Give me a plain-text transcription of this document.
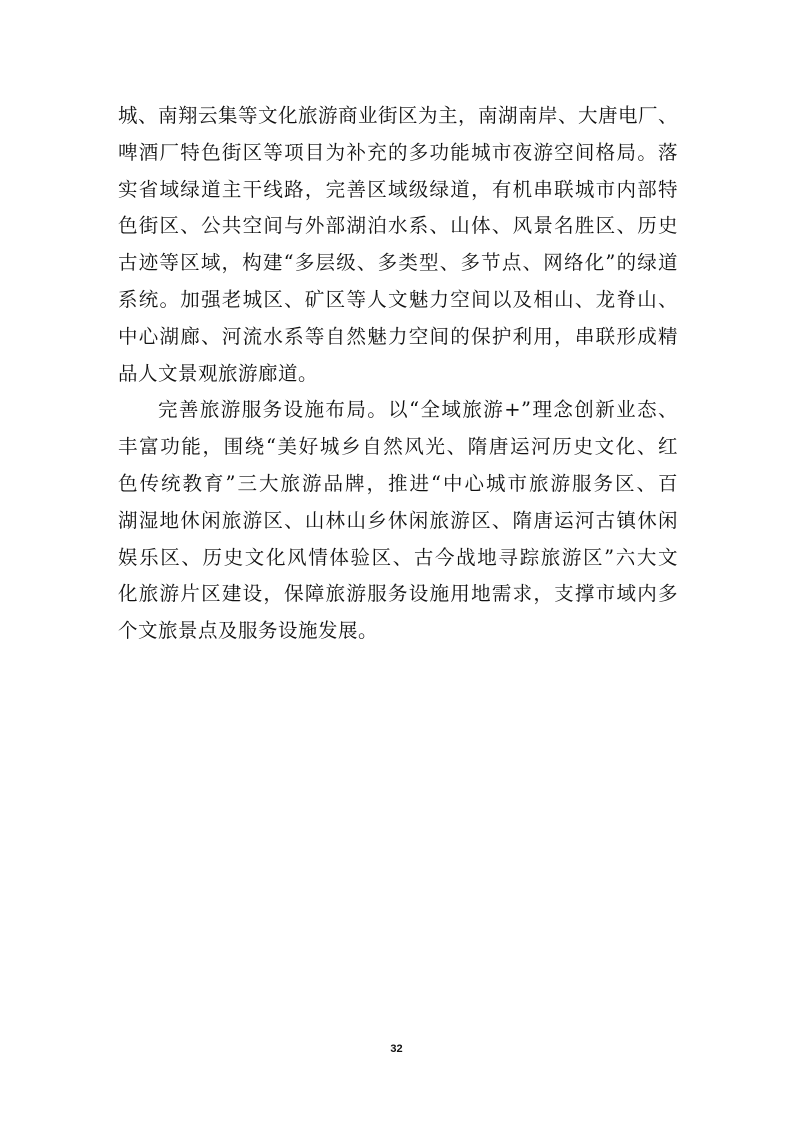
城、南翔云集等文化旅游商业街区为主，南湖南岸、大唐电厂、
啤酒厂特色街区等项目为补充的多功能城市夜游空间格局。落
实省域绿道主干线路，完善区域级绿道，有机串联城市内部特
色街区、公共空间与外部湖泊水系、山体、风景名胜区、历史
古迹等区域，构建“多层级、多类型、多节点、网络化”的绿道
系统。加强老城区、矿区等人文魅力空间以及相山、龙脊山、
中心湖廊、河流水系等自然魅力空间的保护利用，串联形成精
品人文景观旅游廊道。
完善旅游服务设施布局。以“全域旅游+”理念创新业态、
丰富功能，围绕“美好城乡自然风光、隋唐运河历史文化、红
色传统教育”三大旅游品牌，推进“中心城市旅游服务区、百
湖湿地休闲旅游区、山林山乡休闲旅游区、隋唐运河古镇休闲
娱乐区、历史文化风情体验区、古今战地寻踪旅游区”六大文
化旅游片区建设，保障旅游服务设施用地需求，支撑市域内多
个文旅景点及服务设施发展。
32
